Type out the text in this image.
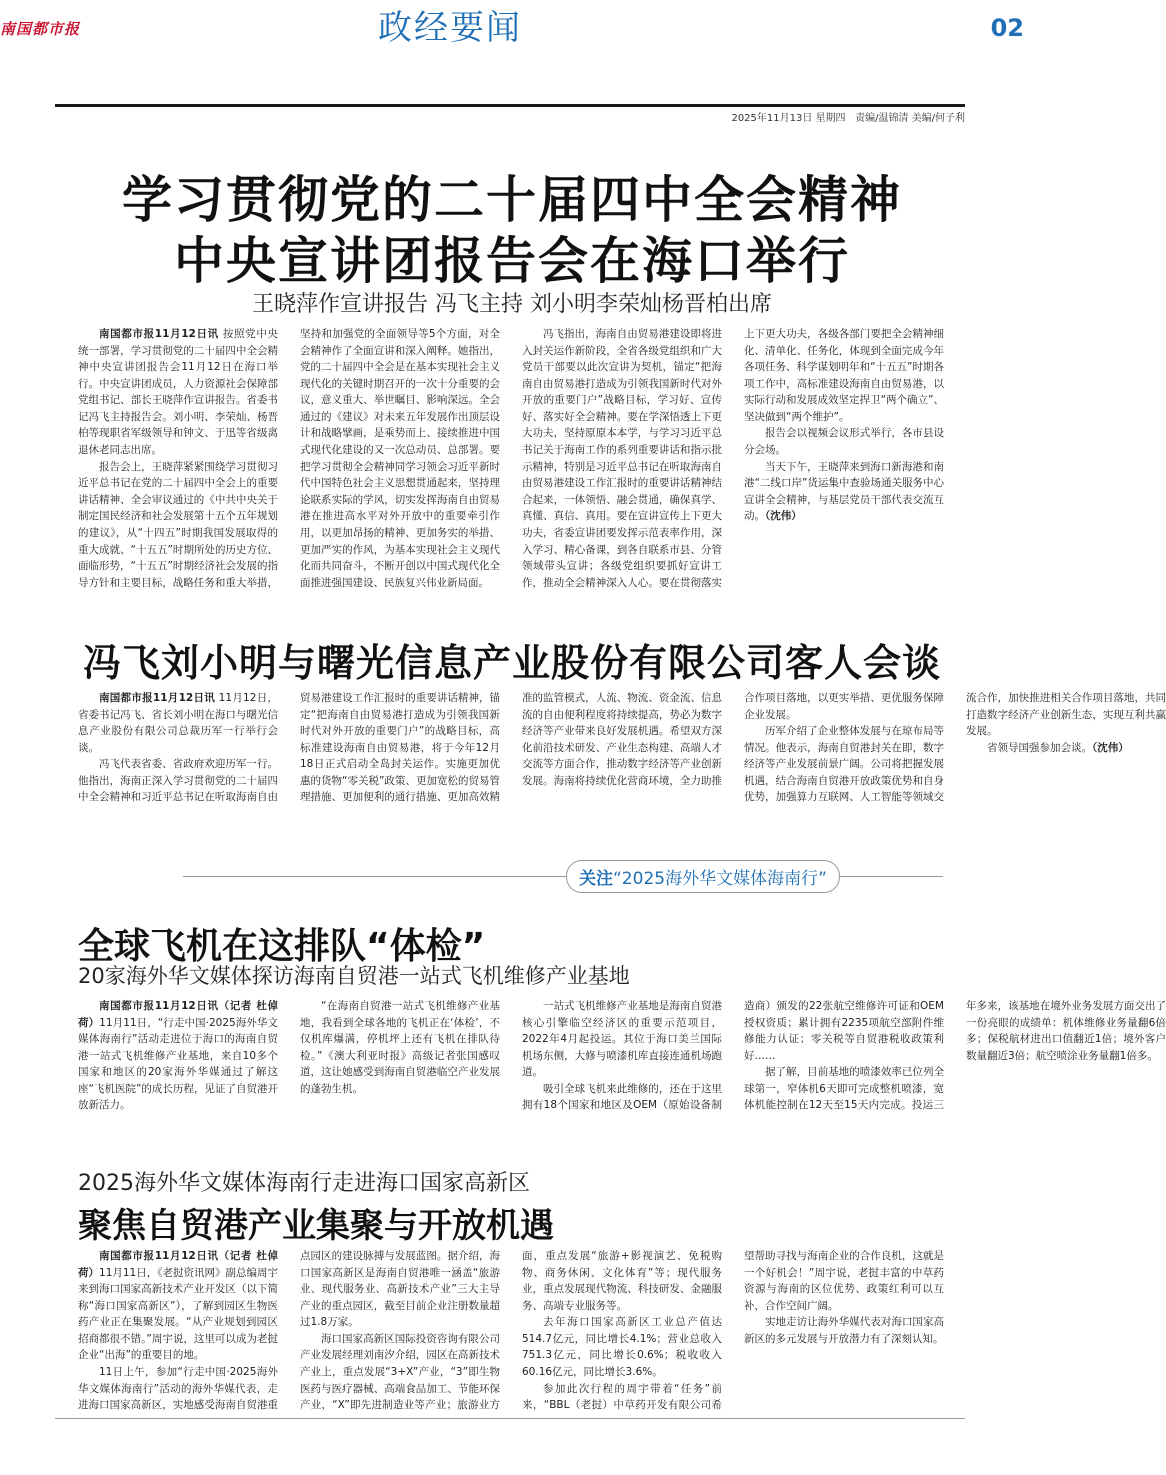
南国都市报	政经要闻	02
2025年11月13日 星期四 责编/温锦清 美编/何子利
学习贯彻党的二十届四中全会精神
中央宣讲团报告会在海口举行
王晓萍作宣讲报告 冯飞主持 刘小明李荣灿杨晋柏出席

南国都市报11月12日讯 按照党中央统一部署，学习贯彻党的二十届四中全会精神中央宣讲团报告会11月12日在海口举行。中央宣讲团成员，人力资源社会保障部党组书记、部长王晓萍作宣讲报告。省委书记冯飞主持报告会。刘小明、李荣灿、杨晋柏等现职省军级领导和钟文、于迅等省级离退休老同志出席。

报告会上，王晓萍紧紧围绕学习贯彻习近平总书记在党的二十届四中全会上的重要讲话精神、全会审议通过的《中共中央关于制定国民经济和社会发展第十五个五年规划的建议》，从“十四五”时期我国发展取得的重大成就、“十五五”时期所处的历史方位、面临形势，“十五五”时期经济社会发展的指导方针和主要目标，战略任务和重大举措，坚持和加强党的全面领导等5个方面，对全会精神作了全面宣讲和深入阐释。她指出，党的二十届四中全会是在基本实现社会主义现代化的关键时期召开的一次十分重要的会议，意义重大、举世瞩目、影响深远。全会通过的《建议》对未来五年发展作出顶层设计和战略擘画，是乘势而上、接续推进中国式现代化建设的又一次总动员、总部署。要把学习贯彻全会精神同学习领会习近平新时代中国特色社会主义思想贯通起来，坚持理论联系实际的学风，切实发挥海南自由贸易港在推进高水平对外开放中的重要牵引作用，以更加昂扬的精神、更加务实的举措、更加严实的作风，为基本实现社会主义现代化而共同奋斗，不断开创以中国式现代化全面推进强国建设、民族复兴伟业新局面。

冯飞指出，海南自由贸易港建设即将进入封关运作新阶段，全省各级党组织和广大党员干部要以此次宣讲为契机，锚定“把海南自由贸易港打造成为引领我国新时代对外开放的重要门户”战略目标，学习好、宣传好、落实好全会精神。要在学深悟透上下更大功夫，坚持原原本本学，与学习习近平总书记关于海南工作的系列重要讲话和指示批示精神，特别是习近平总书记在听取海南自由贸易港建设工作汇报时的重要讲话精神结合起来，一体领悟、融会贯通，确保真学、真懂、真信、真用。要在宣讲宣传上下更大功夫，省委宣讲团要发挥示范表率作用，深入学习、精心备课，到各自联系市县、分管领域带头宣讲；各级党组织要抓好宣讲工作，推动全会精神深入人心。要在贯彻落实上下更大功夫，各级各部门要把全会精神细化、清单化、任务化，体现到全面完成今年各项任务、科学谋划明年和“十五五”时期各项工作中，高标准建设海南自由贸易港，以实际行动和发展成效坚定捍卫“两个确立”、坚决做到“两个维护”。

报告会以视频会议形式举行，各市县设分会场。

当天下午，王晓萍来到海口新海港和南港“二线口岸”货运集中查验场通关服务中心宣讲全会精神，与基层党员干部代表交流互动。（沈伟）

冯飞刘小明与曙光信息产业股份有限公司客人会谈

南国都市报11月12日讯 11月12日，省委书记冯飞、省长刘小明在海口与曙光信息产业股份有限公司总裁历军一行举行会谈。

冯飞代表省委、省政府欢迎历军一行。他指出，海南正深入学习贯彻党的二十届四中全会精神和习近平总书记在听取海南自由贸易港建设工作汇报时的重要讲话精神，锚定“把海南自由贸易港打造成为引领我国新时代对外开放的重要门户”的战略目标，高标准建设海南自由贸易港，将于今年12月18日正式启动全岛封关运作。实施更加优惠的货物“零关税”政策、更加宽松的贸易管理措施、更加便利的通行措施、更加高效精准的监管模式，人流、物流、资金流、信息流的自由便利程度将持续提高，势必为数字经济等产业带来良好发展机遇。希望双方深化前沿技术研发、产业生态构建、高端人才交流等方面合作，推动数字经济等产业创新发展。海南将持续优化营商环境，全力助推合作项目落地，以更实举措、更优服务保障企业发展。

历军介绍了企业整体发展与在琼布局等情况。他表示，海南自贸港封关在即，数字经济等产业发展前景广阔。公司将把握发展机遇，结合海南自贸港开放政策优势和自身优势，加强算力互联网、人工智能等领域交流合作，加快推进相关合作项目落地，共同打造数字经济产业创新生态，实现互利共赢发展。

省领导国强参加会谈。（沈伟）

关注“2025海外华文媒体海南行”
全球飞机在这排队“体检”
20家海外华文媒体探访海南自贸港一站式飞机维修产业基地

南国都市报11月12日讯（记者 杜倬荷）11月11日，“行走中国·2025海外华文媒体海南行”活动走进位于海口的海南自贸港一站式飞机维修产业基地，来自10多个国家和地区的20家海外华媒通过了解这座“飞机医院”的成长历程，见证了自贸港开放新活力。

“在海南自贸港一站式飞机维修产业基地，我看到全球各地的飞机正在‘体检’，不仅机库爆满，停机坪上还有飞机在排队待检。”《澳大利亚时报》高级记者张国感叹道，这让她感受到海南自贸港临空产业发展的蓬勃生机。

一站式飞机维修产业基地是海南自贸港核心引擎临空经济区的重要示范项目，2022年4月起投运。其位于海口美兰国际机场东侧，大修与喷漆机库直接连通机场跑道。

吸引全球飞机来此维修的，还在于这里拥有18个国家和地区及OEM（原始设备制造商）颁发的22张航空维修许可证和OEM授权资质；累计拥有2235项航空部附件维修能力认证；零关税等自贸港税收政策利好……

据了解，目前基地的喷漆效率已位列全球第一，窄体机6天即可完成整机喷漆，宽体机能控制在12天至15天内完成。投运三年多来，该基地在境外业务发展方面交出了一份亮眼的成绩单：机体维修业务量翻6倍多；保税航材进出口值翻近1倍；境外客户数量翻近3倍；航空喷涂业务量翻1倍多。

2025海外华文媒体海南行走进海口国家高新区
聚焦自贸港产业集聚与开放机遇

南国都市报11月12日讯（记者 杜倬荷）11月11日，《老挝资讯网》副总编周宇来到海口国家高新技术产业开发区（以下简称“海口国家高新区”），了解到园区生物医药产业正在集聚发展。“从产业规划到园区招商都很不错。”周宇说，这里可以成为老挝企业“出海”的重要目的地。

11日上午，参加“行走中国·2025海外华文媒体海南行”活动的海外华媒代表，走进海口国家高新区，实地感受海南自贸港重点园区的建设脉搏与发展蓝图。据介绍，海口国家高新区是海南自贸港唯一涵盖“旅游业、现代服务业、高新技术产业”三大主导产业的重点园区，截至目前企业注册数量超过1.8万家。

海口国家高新区国际投资咨询有限公司产业发展经理刘南汐介绍，园区在高新技术产业上，重点发展“3+X”产业，“3”即生物医药与医疗器械、高端食品加工、节能环保产业，“X”即先进制造业等产业；旅游业方面，重点发展“旅游+影视演艺、免税购物、商务休闲、文化体育”等；现代服务业，重点发展现代物流、科技研发、金融服务、高端专业服务等。

去年海口国家高新区工业总产值达514.7亿元，同比增长4.1%；营业总收入751.3亿元，同比增长0.6%；税收收入60.16亿元，同比增长3.6%。

参加此次行程的周宇带着“任务”前来，“BBL（老挝）中草药开发有限公司希望帮助寻找与海南企业的合作良机，这就是一个好机会！”周宇说，老挝丰富的中草药资源与海南的区位优势、政策红利可以互补，合作空间广阔。

实地走访让海外华媒代表对海口国家高新区的多元发展与开放潜力有了深刻认知。
